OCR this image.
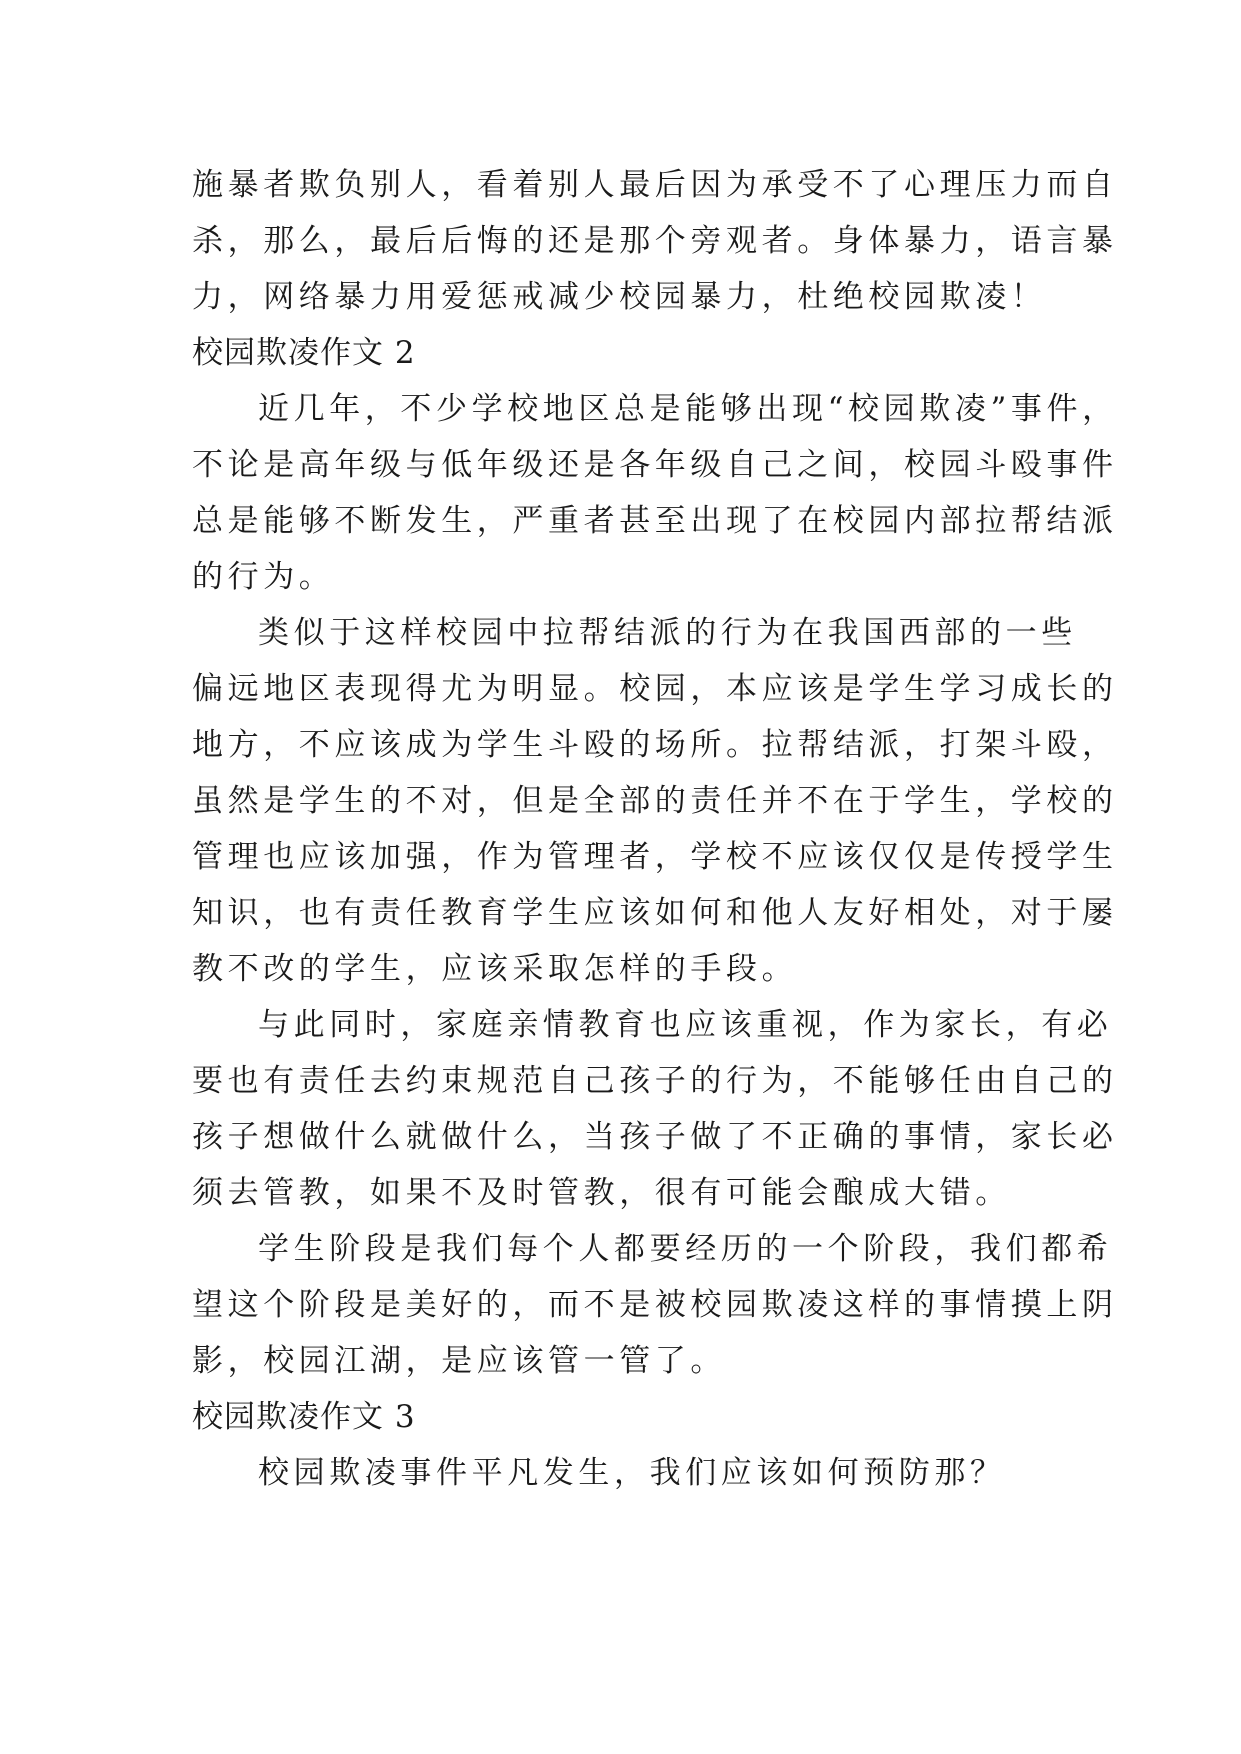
施暴者欺负别人，看着别人最后因为承受不了心理压力而自
杀，那么，最后后悔的还是那个旁观者。身体暴力，语言暴
力，网络暴力用爱惩戒减少校园暴力，杜绝校园欺凌！
校园欺凌作文 2
近几年，不少学校地区总是能够出现“校园欺凌”事件，
不论是高年级与低年级还是各年级自己之间，校园斗殴事件
总是能够不断发生，严重者甚至出现了在校园内部拉帮结派
的行为。
类似于这样校园中拉帮结派的行为在我国西部的一些
偏远地区表现得尤为明显。校园，本应该是学生学习成长的
地方，不应该成为学生斗殴的场所。拉帮结派，打架斗殴，
虽然是学生的不对，但是全部的责任并不在于学生，学校的
管理也应该加强，作为管理者，学校不应该仅仅是传授学生
知识，也有责任教育学生应该如何和他人友好相处，对于屡
教不改的学生，应该采取怎样的手段。
与此同时，家庭亲情教育也应该重视，作为家长，有必
要也有责任去约束规范自己孩子的行为，不能够任由自己的
孩子想做什么就做什么，当孩子做了不正确的事情，家长必
须去管教，如果不及时管教，很有可能会酿成大错。
学生阶段是我们每个人都要经历的一个阶段，我们都希
望这个阶段是美好的，而不是被校园欺凌这样的事情摸上阴
影，校园江湖，是应该管一管了。
校园欺凌作文 3
校园欺凌事件平凡发生，我们应该如何预防那？
